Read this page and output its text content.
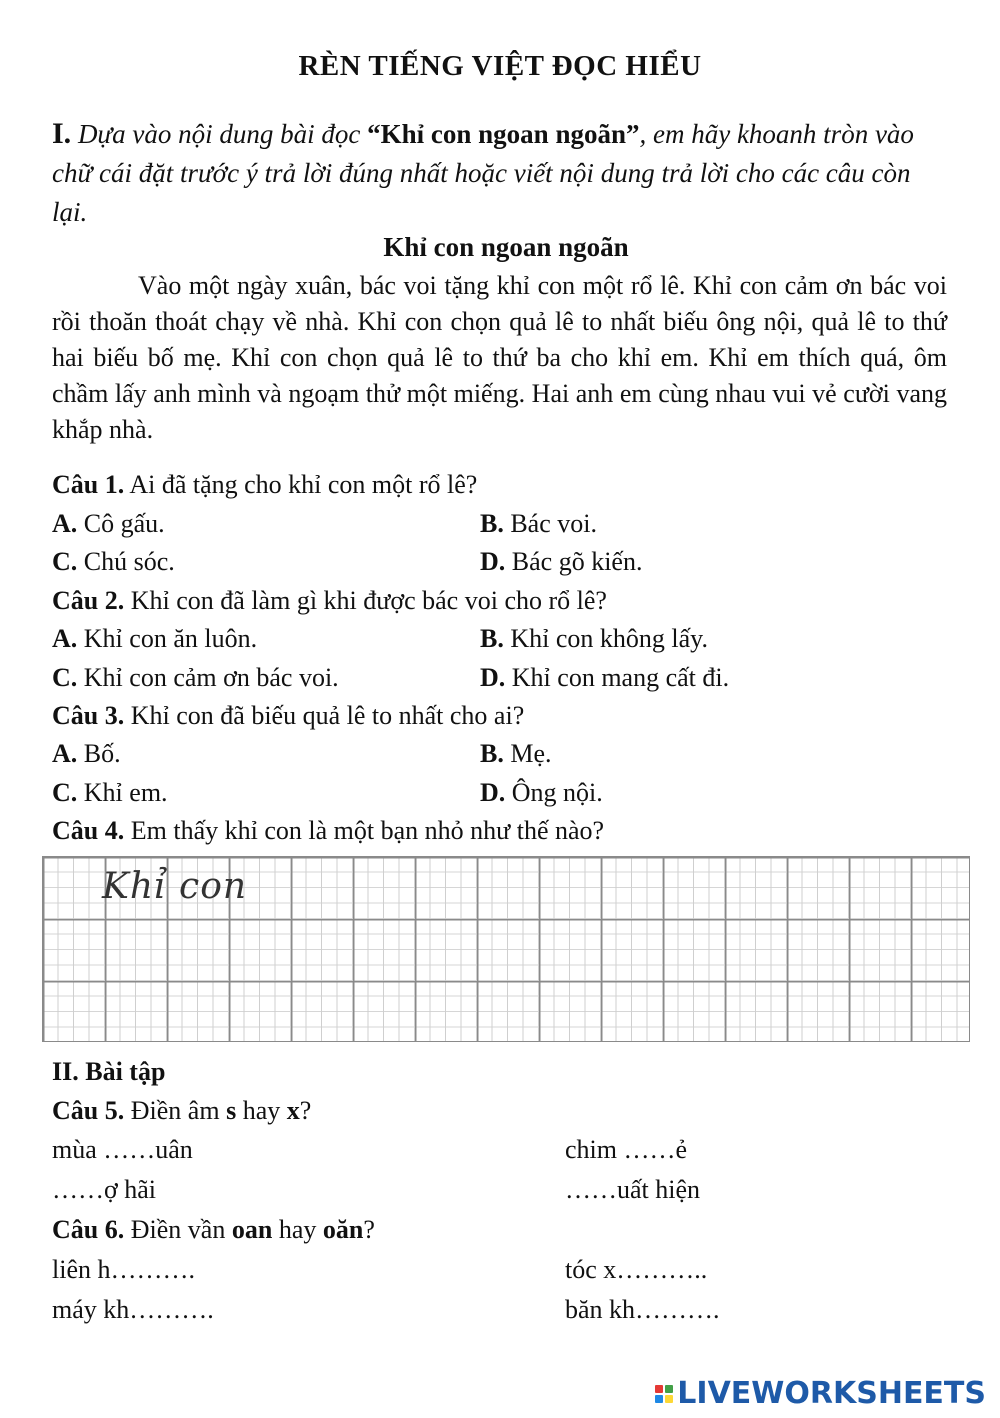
RÈN TIẾNG VIỆT ĐỌC HIỂU
I. Dựa vào nội dung bài đọc “Khỉ con ngoan ngoãn”, em hãy khoanh tròn vào chữ cái đặt trước ý trả lời đúng nhất hoặc viết nội dung trả lời cho các câu còn lại.
Khỉ con ngoan ngoãn

Vào một ngày xuân, bác voi tặng khỉ con một rổ lê. Khỉ con cảm ơn bác voi rồi thoăn thoát chạy về nhà. Khỉ con chọn quả lê to nhất biếu ông nội, quả lê to thứ hai biếu bố mẹ. Khỉ con chọn quả lê to thứ ba cho khỉ em. Khỉ em thích quá, ôm chầm lấy anh mình và ngoạm thử một miếng. Hai anh em cùng nhau vui vẻ cười vang khắp nhà.

Câu 1. Ai đã tặng cho khỉ con một rổ lê?
A. Cô gấu.	B. Bác voi.
C. Chú sóc.	D. Bác gõ kiến.
Câu 2. Khỉ con đã làm gì khi được bác voi cho rổ lê?
A. Khỉ con ăn luôn.	B. Khỉ con không lấy.
C. Khỉ con cảm ơn bác voi.	D. Khỉ con mang cất đi.
Câu 3. Khỉ con đã biếu quả lê to nhất cho ai?
A. Bố.	B. Mẹ.
C. Khỉ em.	D. Ông nội.
Câu 4. Em thấy khỉ con là một bạn nhỏ như thế nào?
Khỉ con
II. Bài tập
Câu 5. Điền âm s hay x?
mùa ……uân	chim ……ẻ
……ợ hãi	……uất hiện
Câu 6. Điền vần oan hay oăn?
liên h……….	tóc x………..
máy kh……….	băn kh……….
LIVEWORKSHEETS
